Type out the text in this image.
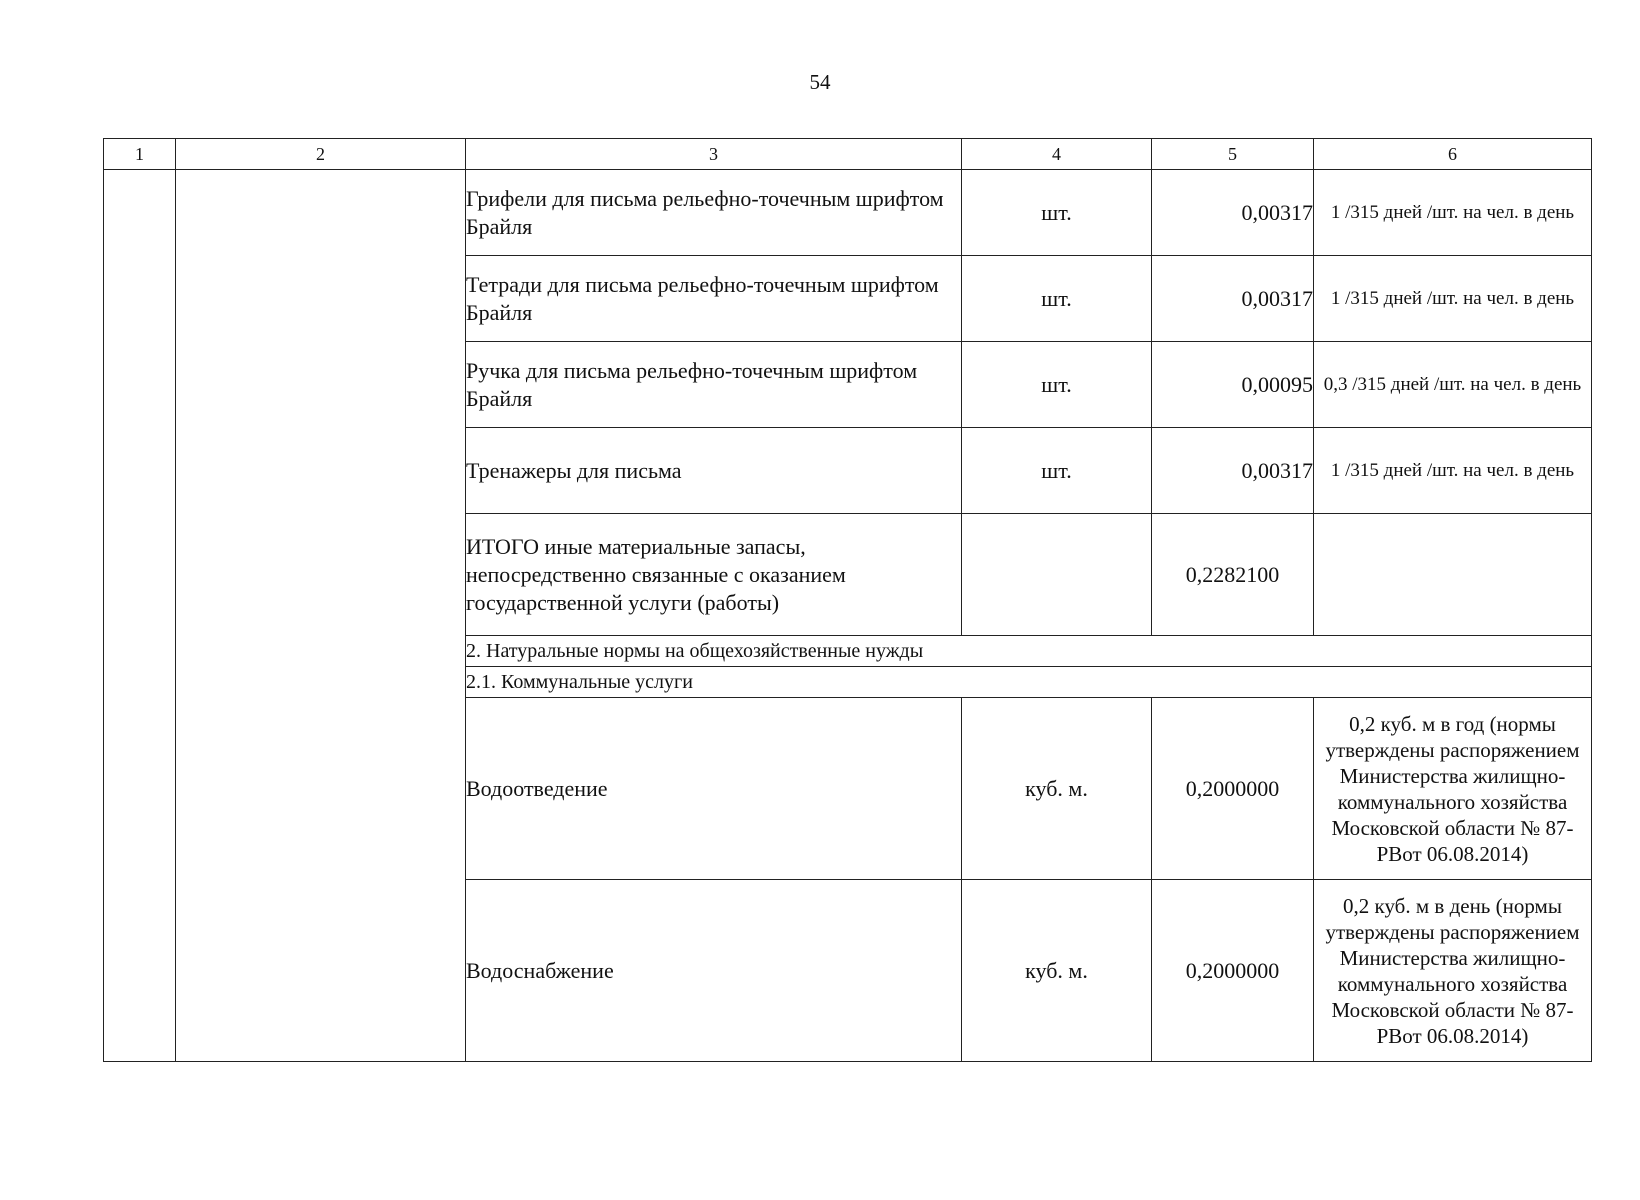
54
1	2	3	4	5	6
		Грифели для письма рельефно-точечным шрифтом Брайля	шт.	0,00317	1 /315 дней /шт. на чел. в день
		Тетради для письма рельефно-точечным шрифтом Брайля	шт.	0,00317	1 /315 дней /шт. на чел. в день
		Ручка для письма рельефно-точечным шрифтом Брайля	шт.	0,00095	0,3 /315 дней /шт. на чел. в день
		Тренажеры для письма	шт.	0,00317	1 /315 дней /шт. на чел. в день
		ИТОГО иные материальные запасы, непосредственно связанные с оказанием государственной услуги (работы)		0,2282100	
		2. Натуральные нормы на общехозяйственные нужды			
		2.1. Коммунальные услуги			
		Водоотведение	куб. м.	0,2000000	0,2 куб. м в год (нормы утверждены распоряжением Министерства жилищно-коммунального хозяйства Московской области № 87-РВот 06.08.2014)
		Водоснабжение	куб. м.	0,2000000	0,2 куб. м в день (нормы утверждены распоряжением Министерства жилищно-коммунального хозяйства Московской области № 87-РВот 06.08.2014)
